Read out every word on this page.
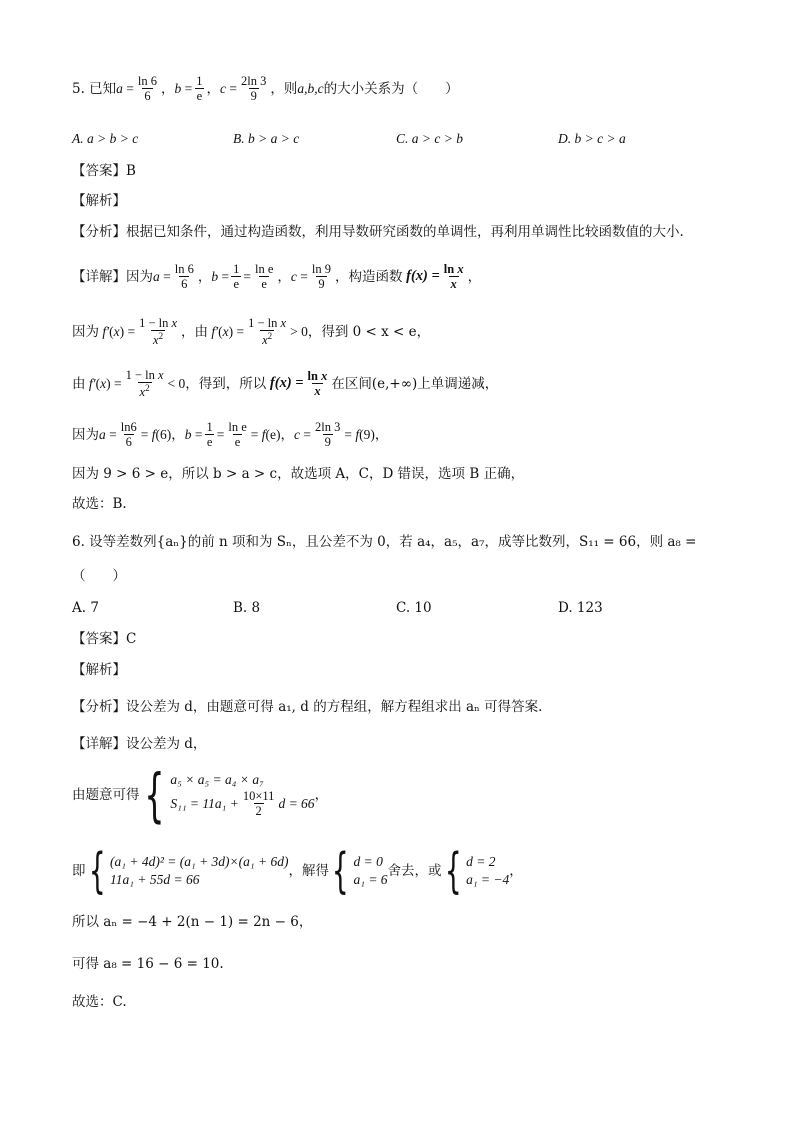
5. 已知 $a = \frac{\ln 6}{6}$ ， $b = \frac{1}{e}$ ， $c = \frac{2\ln 3}{9}$ ，则 a,b,c 的大小关系为（　　）
A. a > b > c	B. b > a > c	C. a > c > b	D. b > c > a
【答案】B
【解析】
【分析】根据已知条件，通过构造函数，利用导数研究函数的单调性，再利用单调性比较函数值的大小.
【详解】因为 $a = \frac{\ln 6}{6}$ ， $b = \frac{1}{e} = \frac{\text{ln e}}{e}$ ， $c = \frac{\ln 9}{9}$ ，构造函数 $f(x) = \frac{\text{ln x}}{x}$ ，
因为 f′ $(x) = \frac{\text{1 − ln x}}{x^2}$ ，由 f′ $(x) = \frac{\text{1 − ln x}}{x^2} > 0$ ，得到 0 < x < e，
由 f′ $(x) = \frac{\text{1 − ln x}}{x^2} < 0$，得到 ，所以 $f(x) = \frac{\text{ln x}}{x}$ 在区间(e,+∞)上单调递减，
因为 $a = \frac{\ln 6}{6} = f(6)$ ， $b = \frac{1}{e} = \frac{\text{ln e}}{e} = f(e)$ ， $c = \frac{2\ln 3}{9} = f(9)$ ，
因为 9 > 6 > e，所以 b > a > c，故选项 A，C，D 错误，选项 B 正确，
故选：B.
6. 设等差数列{aₙ}的前 n 项和为 Sₙ，且公差不为 0，若 a₄，a₅，a₇，成等比数列，S₁₁ = 66，则 a₈ =
（　　）
A. 7	B. 8	C. 10	D. 123
【答案】C
【解析】
【分析】设公差为 d，由题意可得 a₁, d 的方程组，解方程组求出 aₙ 可得答案.
【详解】设公差为 d，
由题意可得 { a₅ × a₅ = a₄ × a₇
$S_{11} = 11a_1 + \frac{10\times 11}{2}$ d = 66
，
即 { (a₁ + 4d)² = (a₁ + 3d)×(a₁ + 6d)
11a₁ + 55d = 66
，解得 { d = 0
a₁ = 6
舍去，或 { d = 2
a₁ = −4
，
所以 aₙ = −4 + 2(n − 1) = 2n − 6，
可得 a₈ = 16 − 6 = 10.
故选：C.
